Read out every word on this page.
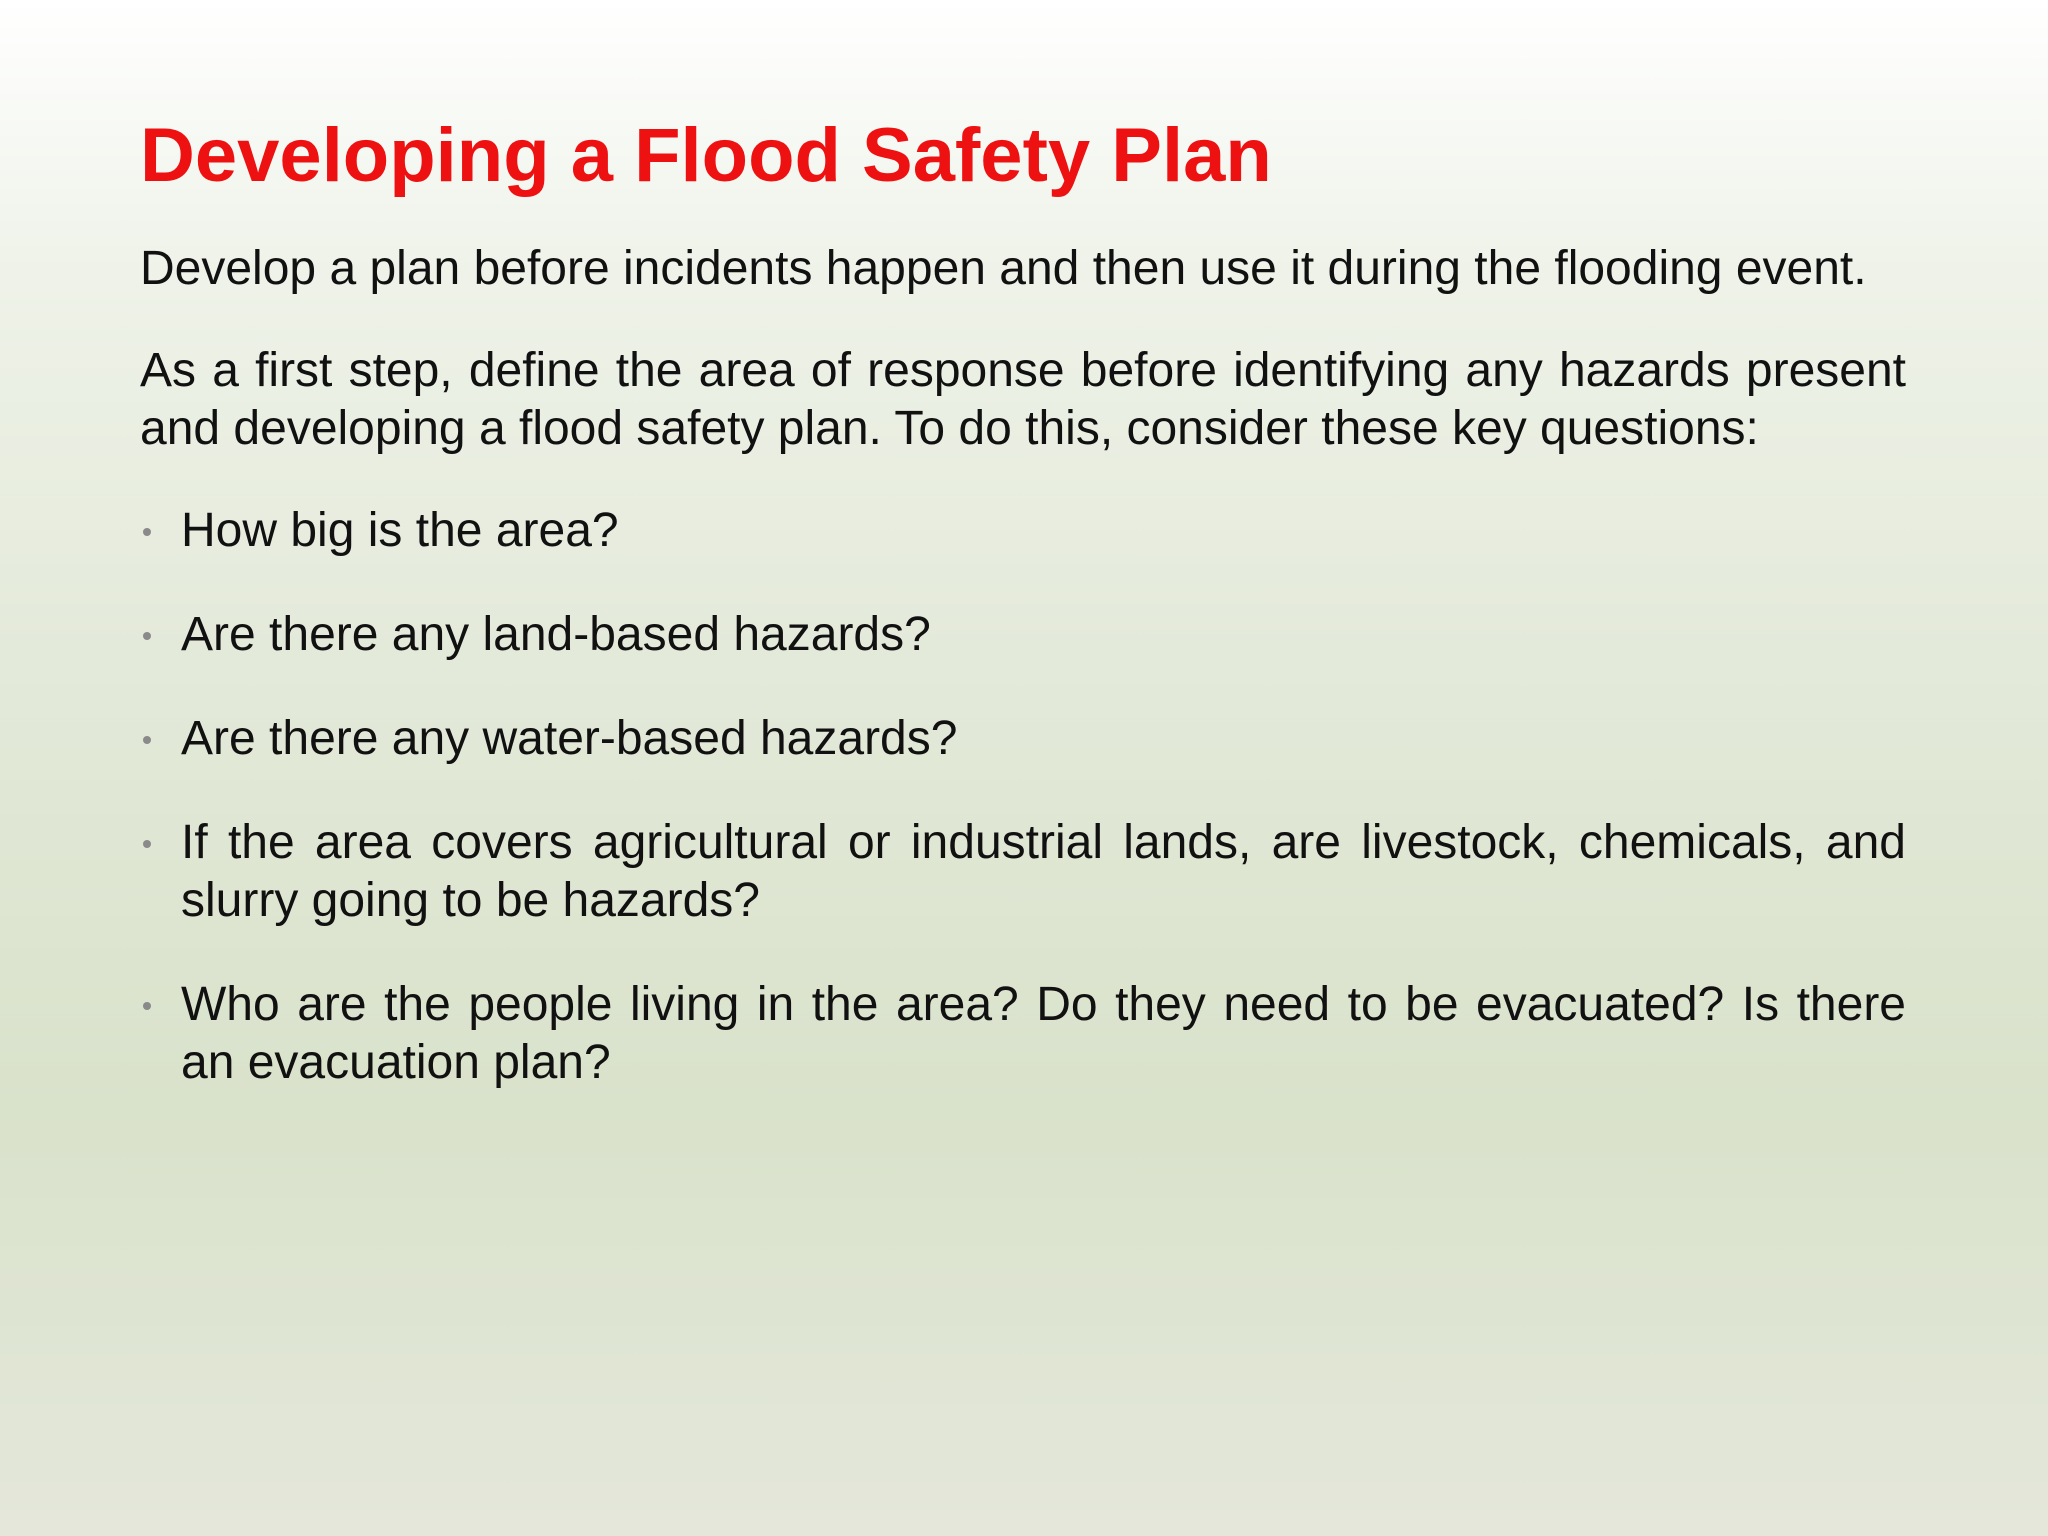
Developing a Flood Safety Plan

Develop a plan before incidents happen and then use it during the flooding event.

As a first step, define the area of response before identifying any hazards present and developing a flood safety plan. To do this, consider these key questions:

How big is the area?
Are there any land-based hazards?
Are there any water-based hazards?
If the area covers agricultural or industrial lands, are livestock, chemicals, and slurry going to be hazards?
Who are the people living in the area? Do they need to be evacuated? Is there an evacuation plan?
